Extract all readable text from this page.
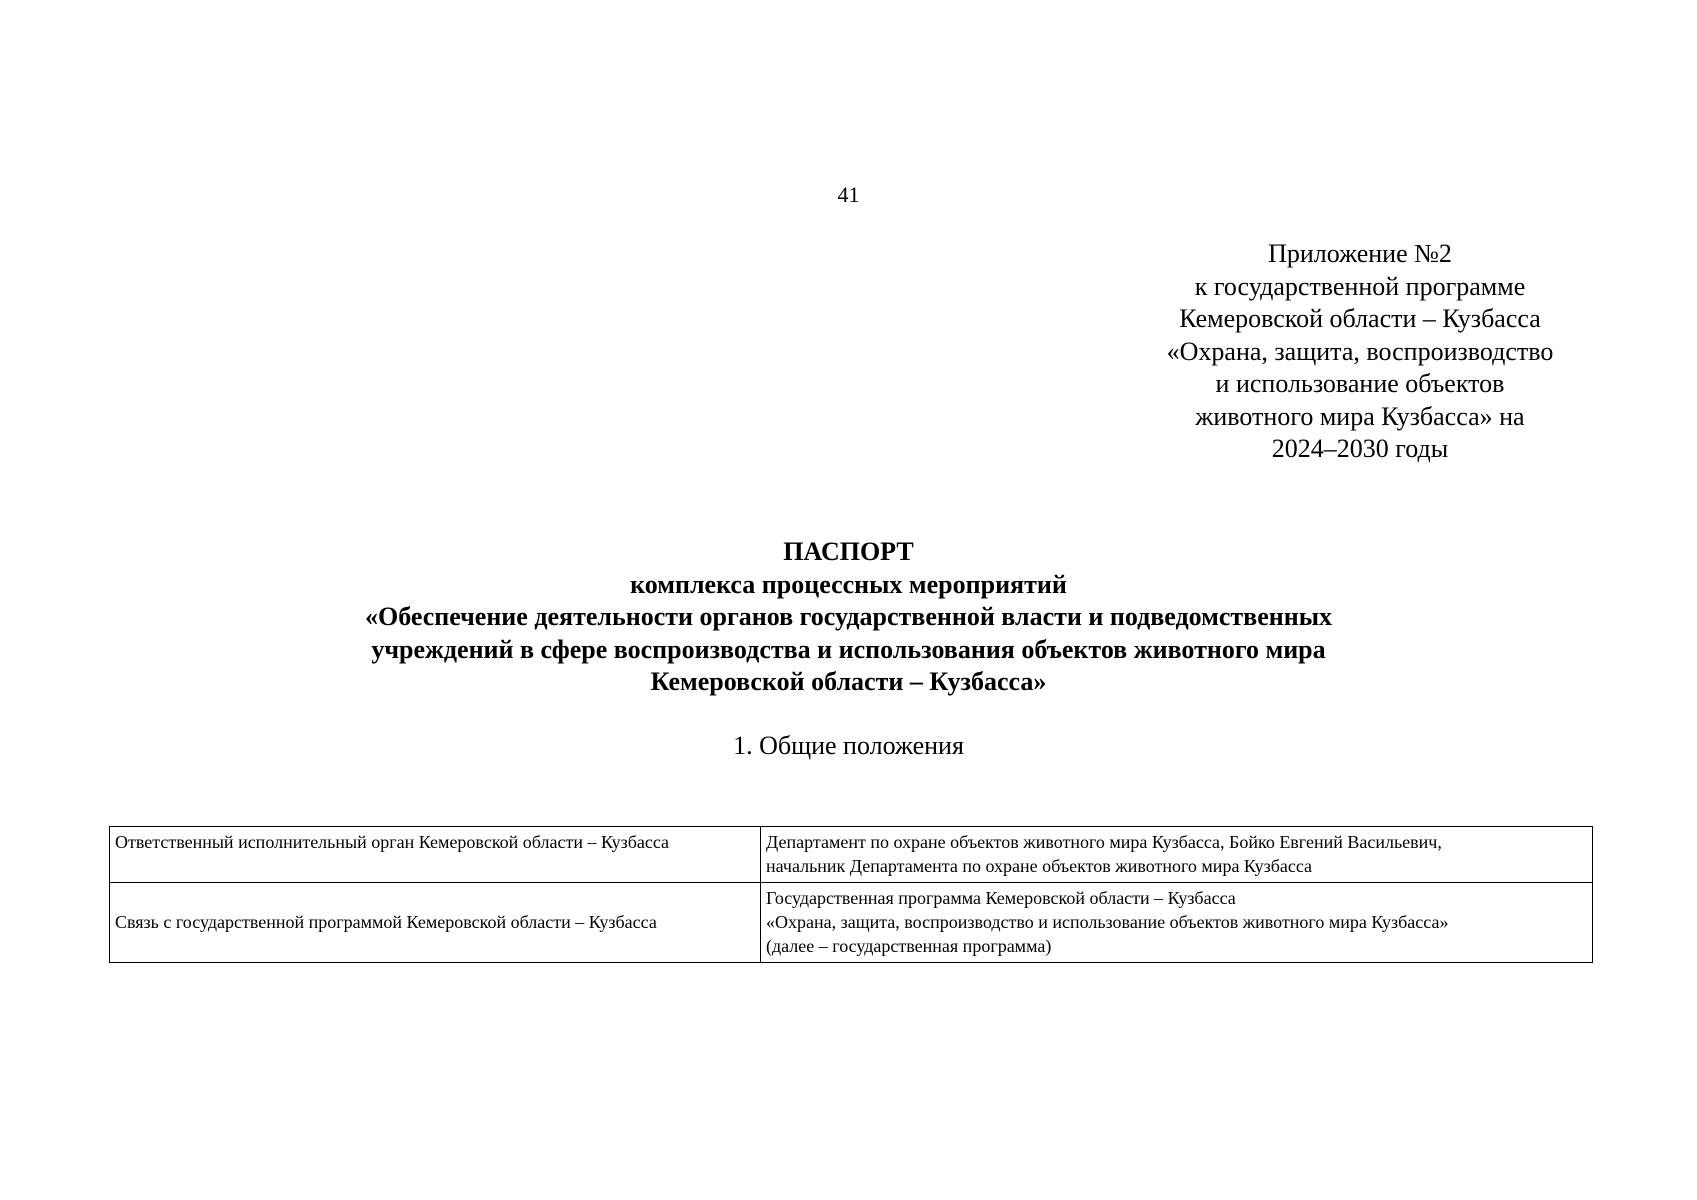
41
Приложение №2
к государственной программе
Кемеровской области – Кузбасса
«Охрана, защита, воспроизводство
и использование объектов
животного мира Кузбасса» на
2024–2030 годы
ПАСПОРТ
комплекса процессных мероприятий
«Обеспечение деятельности органов государственной власти и подведомственных
учреждений в сфере воспроизводства и использования объектов животного мира
Кемеровской области – Кузбасса»
1. Общие положения
Ответственный исполнительный орган Кемеровской области – Кузбасса	Департамент по охране объектов животного мира Кузбасса, Бойко Евгений Васильевич,
начальник Департамента по охране объектов животного мира Кузбасса

Связь с государственной программой Кемеровской области – Кузбасса	Государственная программа Кемеровской области – Кузбасса
«Охрана, защита, воспроизводство и использование объектов животного мира Кузбасса»
(далее – государственная программа)
